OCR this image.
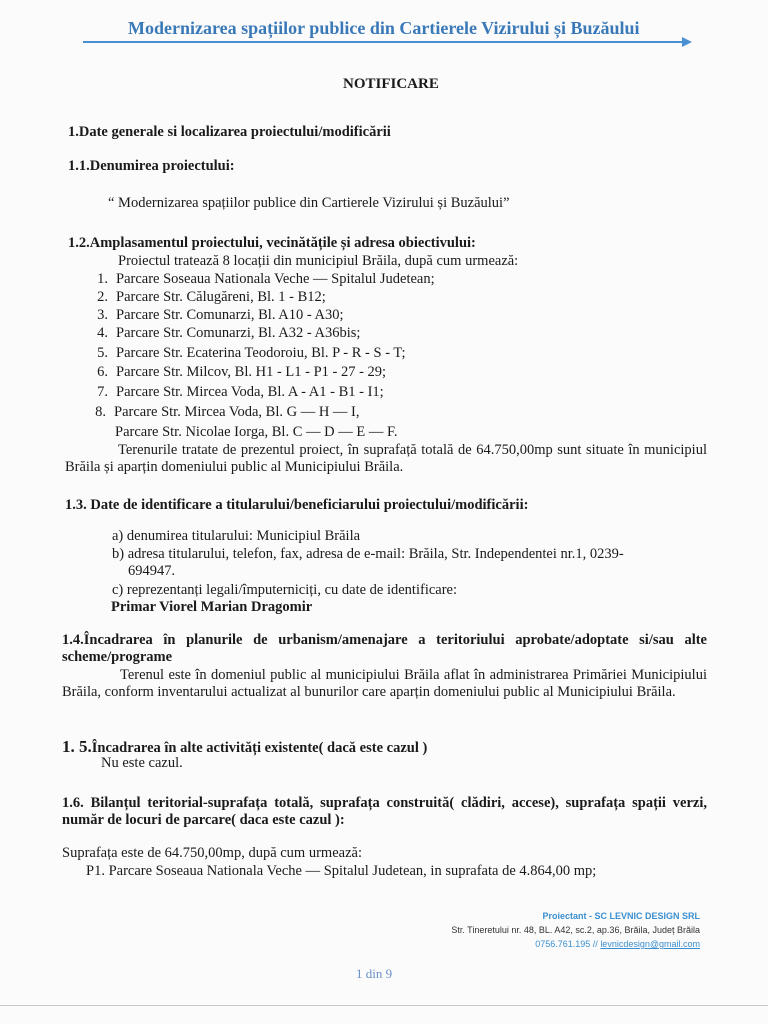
Modernizarea spațiilor publice din Cartierele Vizirului și Buzăului
NOTIFICARE
1.Date generale si localizarea proiectului/modificării
1.1.Denumirea proiectului:
“ Modernizarea spațiilor publice din Cartierele Vizirului și Buzăului”
1.2.Amplasamentul proiectului, vecinătățile și adresa obiectivului:
Proiectul tratează 8 locații din municipiul Brăila, după cum urmează:
1. Parcare Soseaua Nationala Veche — Spitalul Judetean;
2. Parcare Str. Călugăreni, Bl. 1 - B12;
3. Parcare Str. Comunarzi, Bl. A10 - A30;
4. Parcare Str. Comunarzi, Bl. A32 - A36bis;
5. Parcare Str. Ecaterina Teodoroiu, Bl. P - R - S - T;
6. Parcare Str. Milcov, Bl. H1 - L1 - P1 - 27 - 29;
7. Parcare Str. Mircea Voda, Bl. A - A1 - B1 - I1;
8. Parcare Str. Mircea Voda, Bl. G — H — I,
Parcare Str. Nicolae Iorga, Bl. C — D — E — F.
Terenurile tratate de prezentul proiect, în suprafață totală de 64.750,00mp sunt situate în municipiul Brăila și aparțin domeniului public al Municipiului Brăila.
1.3. Date de identificare a titularului/beneficiarului proiectului/modificării:
a) denumirea titularului: Municipiul Brăila
b) adresa titularului, telefon, fax, adresa de e-mail: Brăila, Str. Independentei nr.1, 0239-
694947.
c) reprezentanți legali/împuterniciți, cu date de identificare:
Primar Viorel Marian Dragomir
1.4.Încadrarea în planurile de urbanism/amenajare a teritoriului aprobate/adoptate si/sau alte scheme/programe
Terenul este în domeniul public al municipiului Brăila aflat în administrarea Primăriei Municipiului Brăila, conform inventarului actualizat al bunurilor care aparțin domeniului public al Municipiului Brăila.
1. 5.Încadrarea în alte activități existente( dacă este cazul )
Nu este cazul.
1.6. Bilanțul teritorial-suprafața totală, suprafața construită( clădiri, accese), suprafața spații verzi, număr de locuri de parcare( daca este cazul ):
Suprafața este de 64.750,00mp, după cum urmează:
P1. Parcare Soseaua Nationala Veche — Spitalul Judetean, in suprafata de 4.864,00 mp;
Proiectant - SC LEVNIC DESIGN SRL
Str. Tineretului nr. 48, BL. A42, sc.2, ap.36, Brăila, Județ Brăila
0756.761.195 // levnicdesign@gmail.com
1 din 9
